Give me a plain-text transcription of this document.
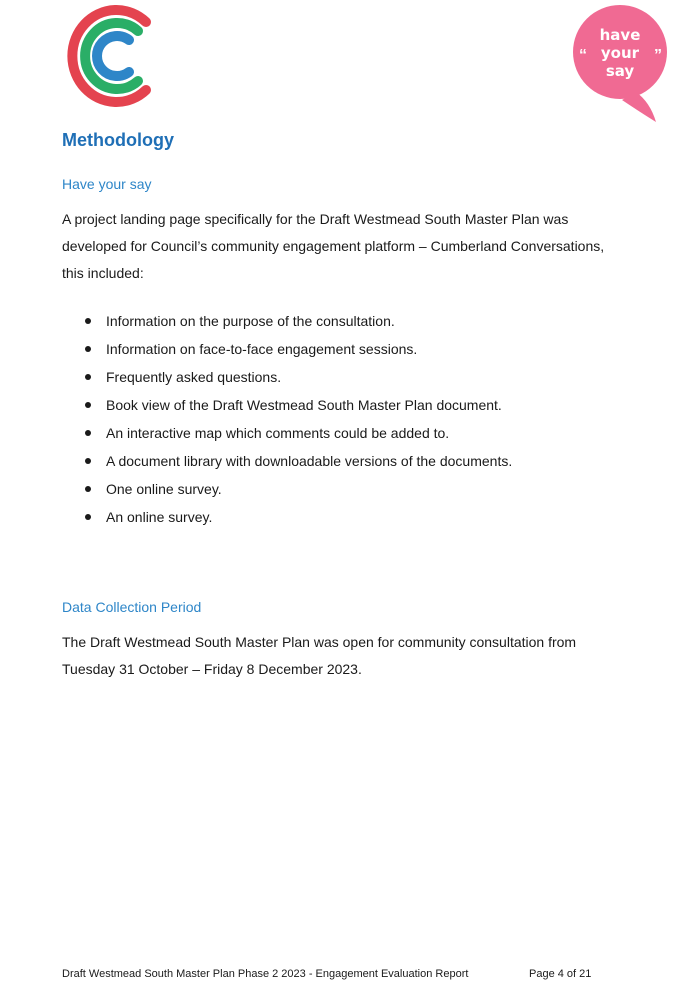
“	”
have
your
say
Methodology
Have your say

A project landing page specifically for the Draft Westmead South Master Plan was developed for Council’s community engagement platform – Cumberland Conversations, this included:

Information on the purpose of the consultation.
Information on face-to-face engagement sessions.
Frequently asked questions.
Book view of the Draft Westmead South Master Plan document.
An interactive map which comments could be added to.
A document library with downloadable versions of the documents.
One online survey.
An online survey.
Data Collection Period

The Draft Westmead South Master Plan was open for community consultation from Tuesday 31 October – Friday 8 December 2023.

Draft Westmead South Master Plan Phase 2 2023 - Engagement Evaluation Report	Page 4 of 21
